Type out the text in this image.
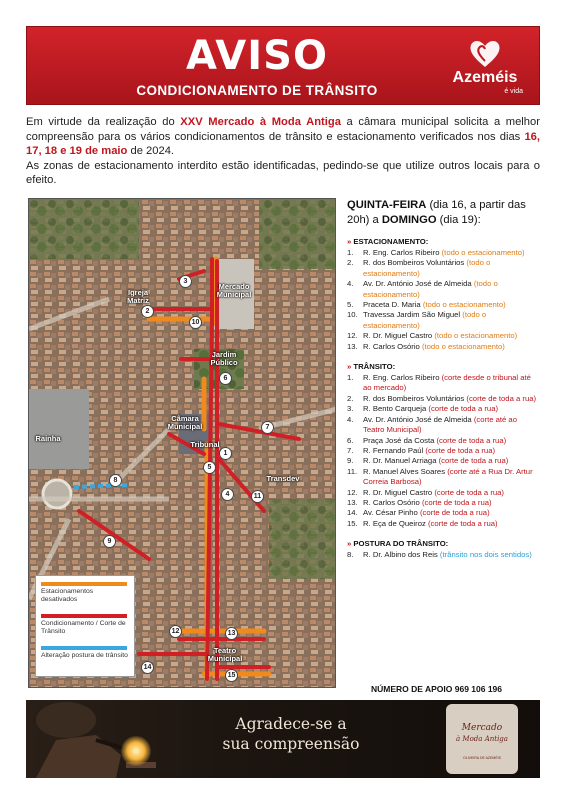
AVISO
CONDICIONAMENTO DE TRÂNSITO
Azeméis
é vida

Em virtude da realização do XXV Mercado à Moda Antiga a câmara municipal solicita a melhor compreensão para os vários condicionamentos de trânsito e estacionamento verificados nos dias 16, 17, 18 e 19 de maio de 2024.

As zonas de estacionamento interdito estão identificadas, pedindo-se que utilize outros locais para o efeito.

Igreja Matriz
Mercado Municipal
Jardim Público
Câmara Municipal
Tribunal
Transdev
Rainha
Teatro Municipal
1
2
3
4
5
6
7
8
9
10
11
12	13
14
15
Estacionamentos desativados
Condicionamento / Corte de Trânsito
Alteração postura de trânsito
QUINTA-FEIRA (dia 16, a partir das 20h) a DOMINGO (dia 19):
» ESTACIONAMENTO:
1. R. Eng. Carlos Ribeiro (todo o estacionamento)
2. R. dos Bombeiros Voluntários (todo o estacionamento)
4. Av. Dr. António José de Almeida (todo o estacionamento)
5. Praceta D. Maria (todo o estacionamento)
10. Travessa Jardim São Miguel (todo o estacionamento)
12. R. Dr. Miguel Castro (todo o estacionamento)
13. R. Carlos Osório (todo o estacionamento)
» TRÂNSITO:
1. R. Eng. Carlos Ribeiro (corte desde o tribunal até ao mercado)
2. R. dos Bombeiros Voluntários (corte de toda a rua)
3. R. Bento Carqueja (corte de toda a rua)
4. Av. Dr. António José de Almeida (corte até ao Teatro Municipal)
6. Praça José da Costa (corte de toda a rua)
7. R. Fernando Paúl (corte de toda a rua)
9. R. Dr. Manuel Arriaga (corte de toda a rua)
11. R. Manuel Alves Soares (corte até a Rua Dr. Artur Correia Barbosa)
12. R. Dr. Miguel Castro (corte de toda a rua)
13. R. Carlos Osório (corte de toda a rua)
14. Av. César Pinho (corte de toda a rua)
15. R. Eça de Queiroz (corte de toda a rua)
» POSTURA DO TRÂNSITO:
8. R. Dr. Albino dos Reis (trânsito nos dois sentidos)
NÚMERO DE APOIO 969 106 196
Agradece-se a
sua compreensão
Mercado
à Moda Antiga
OLIVEIRA DE AZEMÉIS
